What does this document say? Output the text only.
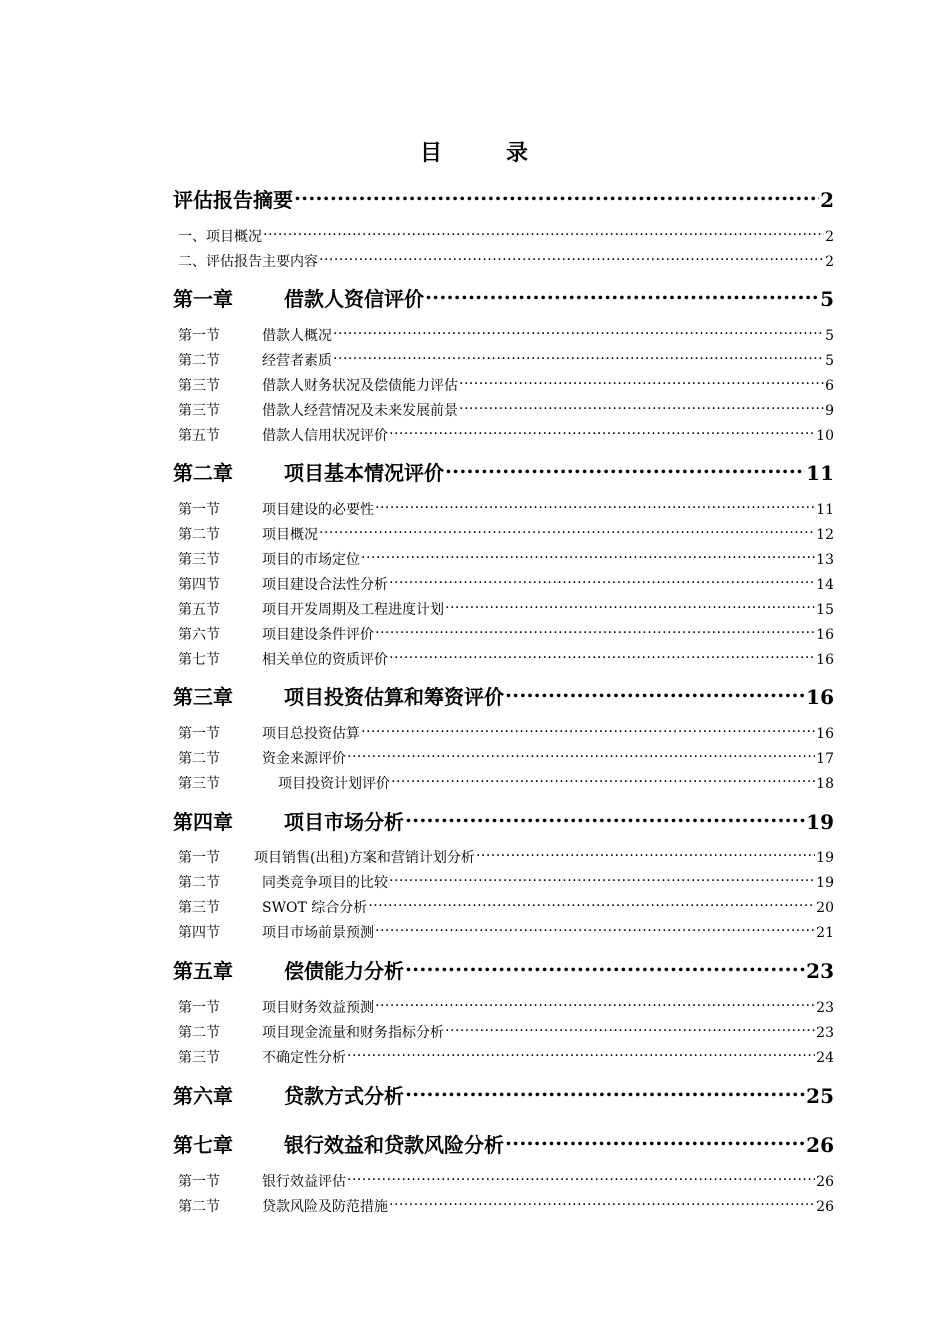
目	录
评估报告摘要 .....	2
一、项目概况 .....	2
二、评估报告主要内容 .....	2
第一章	借款人资信评价 .....	5
第一节	借款人概况 .....	5
第二节	经营者素质 .....	5
第三节	借款人财务状况及偿债能力评估 .....	6
第三节	借款人经营情况及未来发展前景 .....	9
第五节	借款人信用状况评价 .....	10
第二章	项目基本情况评价 .....	11
第一节	项目建设的必要性 .....	11
第二节	项目概况 .....	12
第三节	项目的市场定位 .....	13
第四节	项目建设合法性分析 .....	14
第五节	项目开发周期及工程进度计划 .....	15
第六节	项目建设条件评价 .....	16
第七节	相关单位的资质评价 .....	16
第三章	项目投资估算和筹资评价 .....	16
第一节	项目总投资估算 .....	16
第二节	资金来源评价 .....	17
第三节	项目投资计划评价 .....	18
第四章	项目市场分析 .....	19
第一节	项目销售(出租)方案和营销计划分析 .....	19
第二节	同类竞争项目的比较 .....	19
第三节	SWOT 综合分析 .....	20
第四节	项目市场前景预测 .....	21
第五章	偿债能力分析 .....	23
第一节	项目财务效益预测 .....	23
第二节	项目现金流量和财务指标分析 .....	23
第三节	不确定性分析 .....	24
第六章	贷款方式分析 .....	25
第七章	银行效益和贷款风险分析 .....	26
第一节	银行效益评估 .....	26
第二节	贷款风险及防范措施 .....	26
